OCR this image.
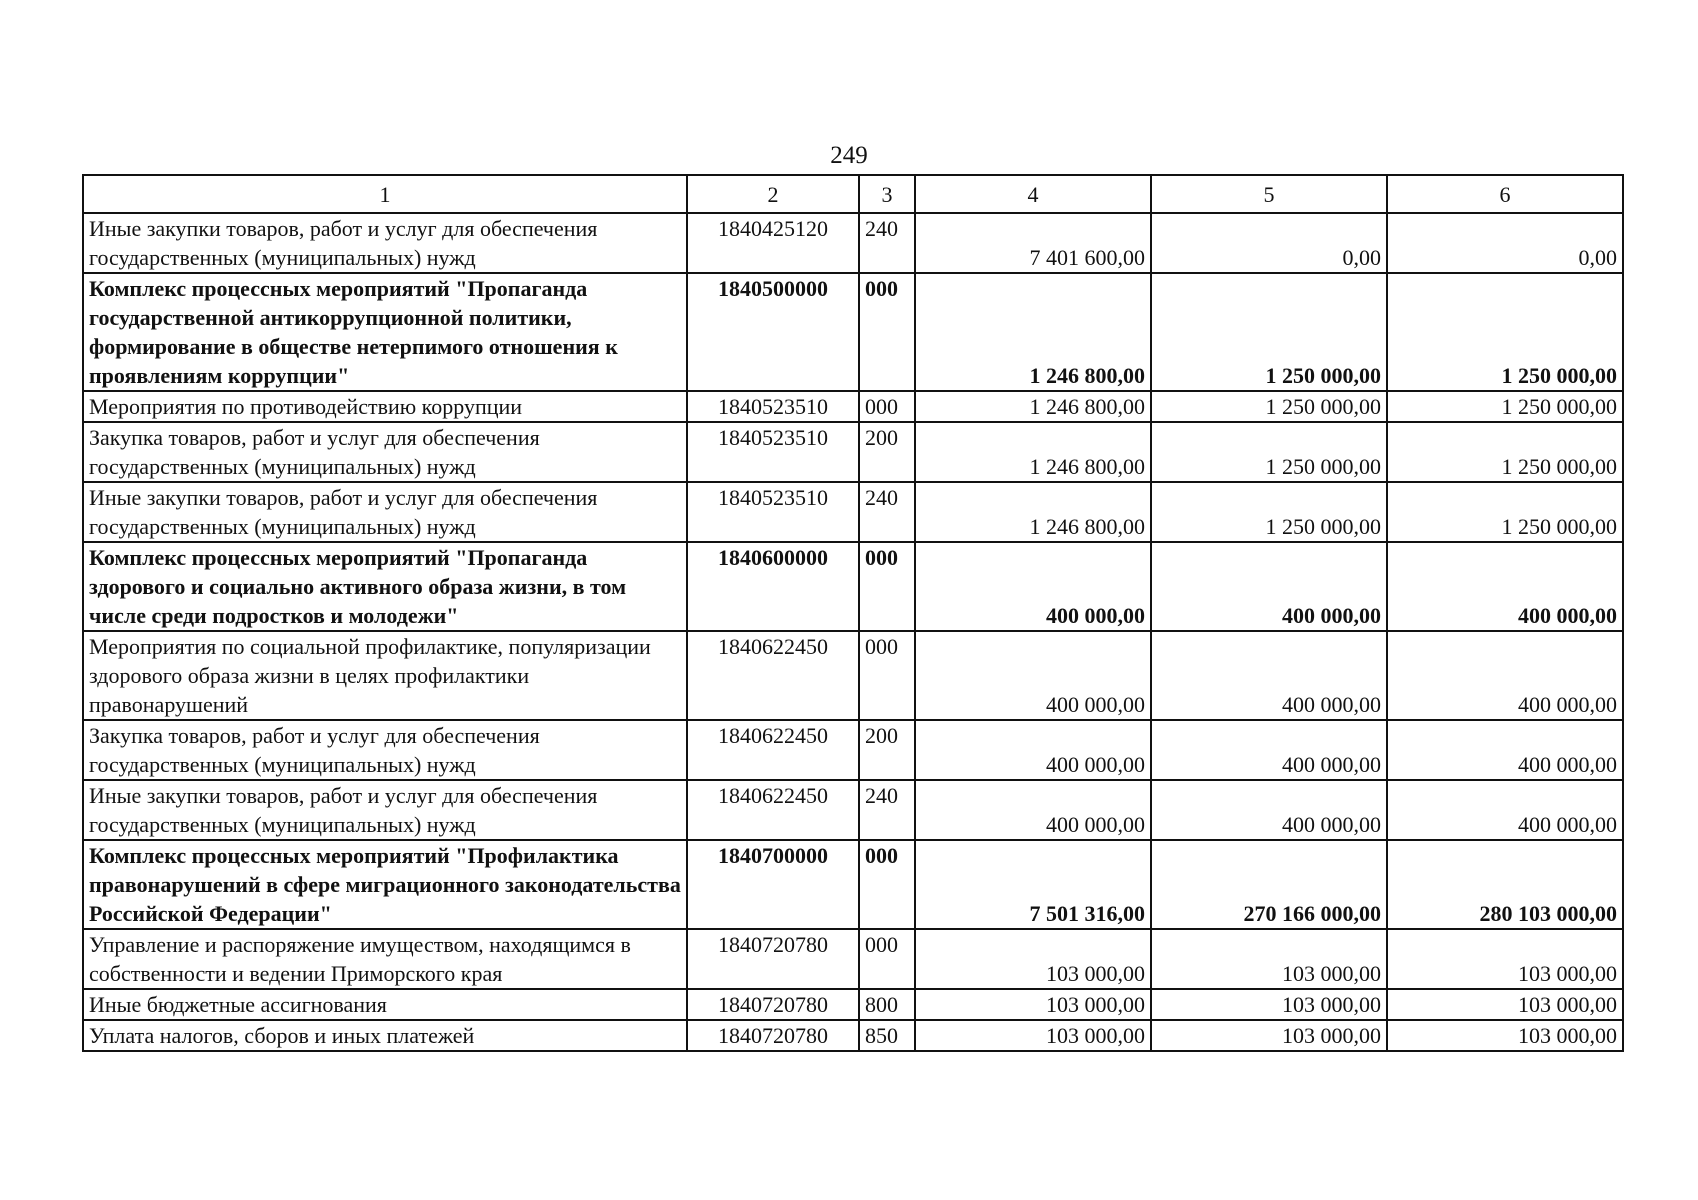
249
1	2	3	4	5	6
Иные закупки товаров, работ и услуг для обеспечения государственных (муниципальных) нужд	1840425120	240	7 401 600,00	0,00	0,00
Комплекс процессных мероприятий "Пропаганда государственной антикоррупционной политики, формирование в обществе нетерпимого отношения к проявлениям коррупции"	1840500000	000	1 246 800,00	1 250 000,00	1 250 000,00
Мероприятия по противодействию коррупции	1840523510	000	1 246 800,00	1 250 000,00	1 250 000,00
Закупка товаров, работ и услуг для обеспечения государственных (муниципальных) нужд	1840523510	200	1 246 800,00	1 250 000,00	1 250 000,00
Иные закупки товаров, работ и услуг для обеспечения государственных (муниципальных) нужд	1840523510	240	1 246 800,00	1 250 000,00	1 250 000,00
Комплекс процессных мероприятий "Пропаганда здорового и социально активного образа жизни, в том числе среди подростков и молодежи"	1840600000	000	400 000,00	400 000,00	400 000,00
Мероприятия по социальной профилактике, популяризации здорового образа жизни в целях профилактики правонарушений	1840622450	000	400 000,00	400 000,00	400 000,00
Закупка товаров, работ и услуг для обеспечения государственных (муниципальных) нужд	1840622450	200	400 000,00	400 000,00	400 000,00
Иные закупки товаров, работ и услуг для обеспечения государственных (муниципальных) нужд	1840622450	240	400 000,00	400 000,00	400 000,00
Комплекс процессных мероприятий "Профилактика правонарушений в сфере миграционного законодательства Российской Федерации"	1840700000	000	7 501 316,00	270 166 000,00	280 103 000,00
Управление и распоряжение имуществом, находящимся в собственности и ведении Приморского края	1840720780	000	103 000,00	103 000,00	103 000,00
Иные бюджетные ассигнования	1840720780	800	103 000,00	103 000,00	103 000,00
Уплата налогов, сборов и иных платежей	1840720780	850	103 000,00	103 000,00	103 000,00
